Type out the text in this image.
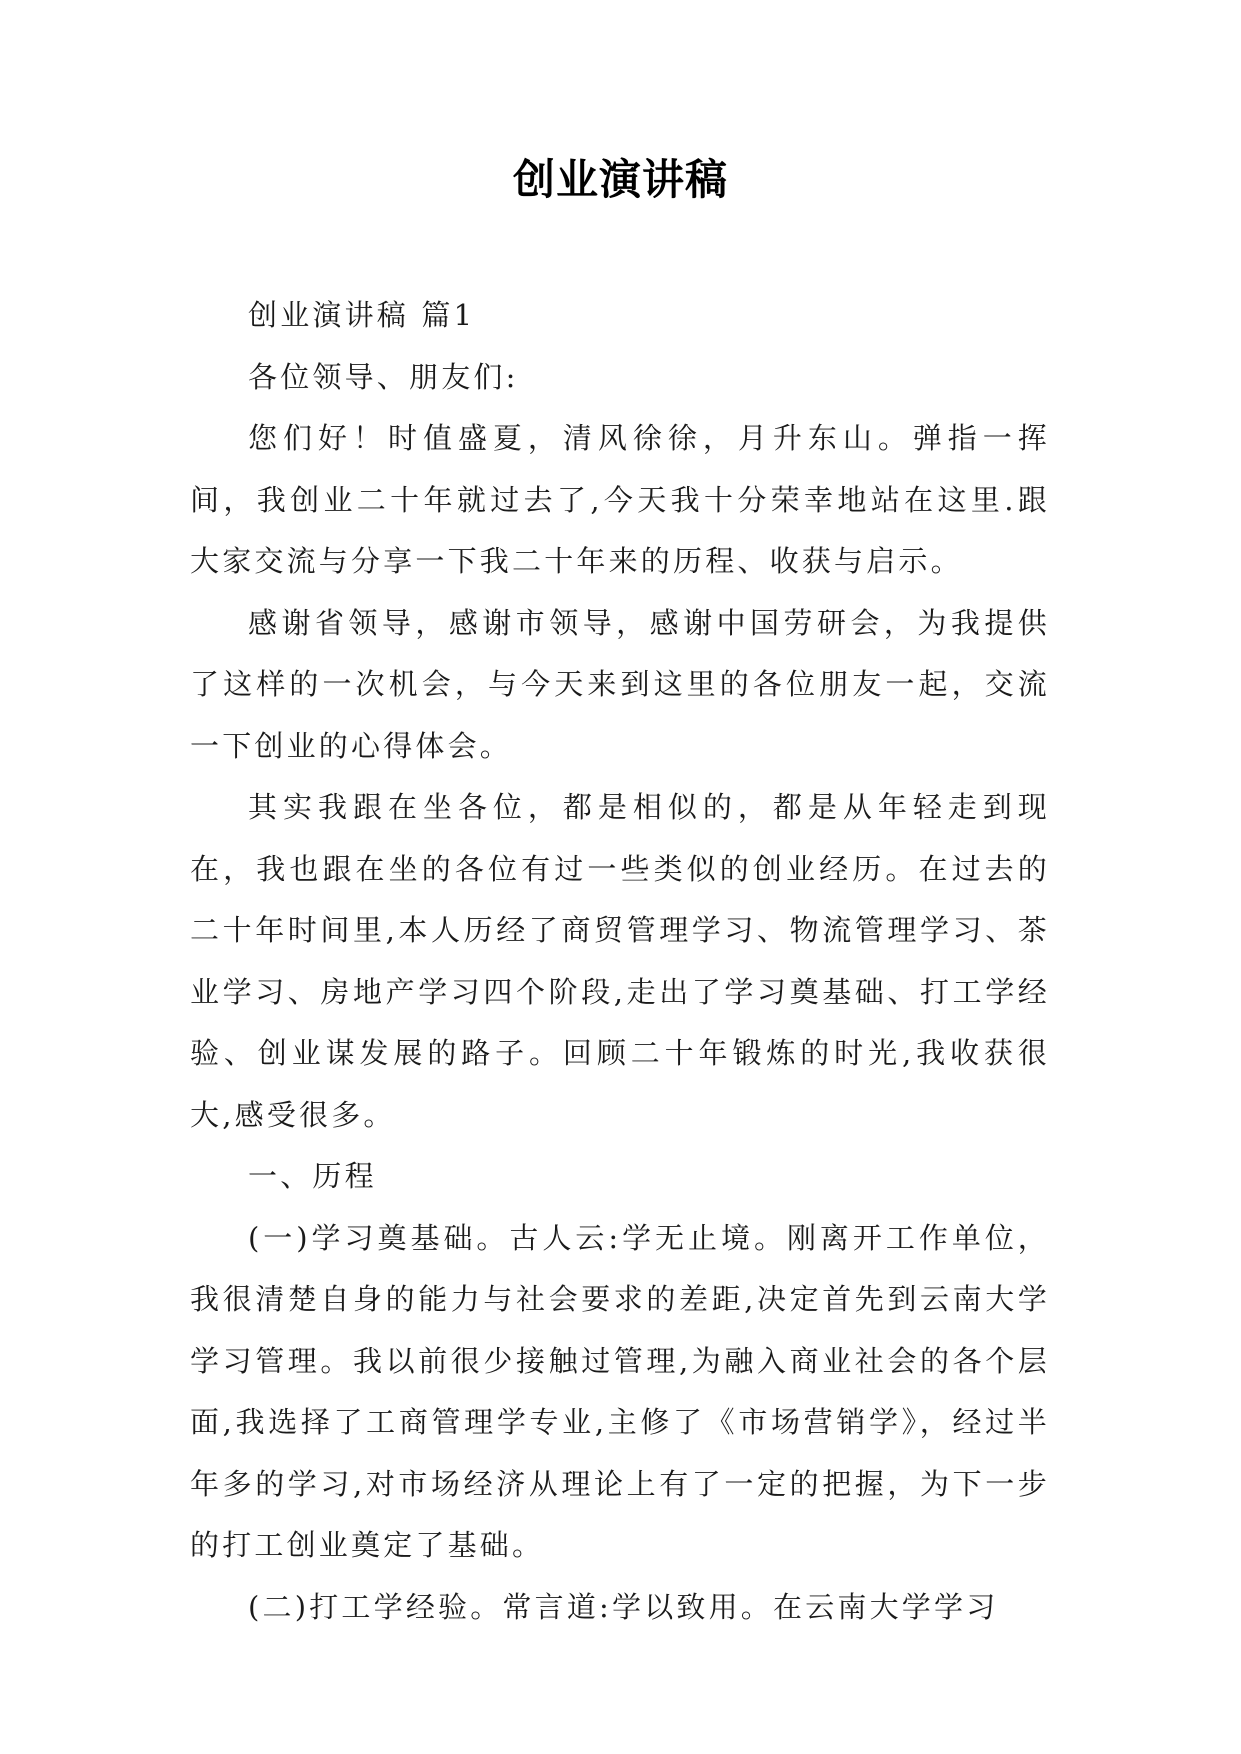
创业演讲稿

创业演讲稿 篇1

各位领导、朋友们:

您们好！时值盛夏，清风徐徐，月升东山。弹指一挥间，我创业二十年就过去了,今天我十分荣幸地站在这里.跟大家交流与分享一下我二十年来的历程、收获与启示。

感谢省领导，感谢市领导，感谢中国劳研会，为我提供了这样的一次机会，与今天来到这里的各位朋友一起，交流一下创业的心得体会。

其实我跟在坐各位，都是相似的，都是从年轻走到现在，我也跟在坐的各位有过一些类似的创业经历。在过去的二十年时间里,本人历经了商贸管理学习、物流管理学习、茶业学习、房地产学习四个阶段,走出了学习奠基础、打工学经验、创业谋发展的路子。回顾二十年锻炼的时光,我收获很大,感受很多。

一、历程

(一)学习奠基础。古人云:学无止境。刚离开工作单位，我很清楚自身的能力与社会要求的差距,决定首先到云南大学学习管理。我以前很少接触过管理,为融入商业社会的各个层面,我选择了工商管理学专业,主修了《市场营销学》，经过半年多的学习,对市场经济从理论上有了一定的把握，为下一步的打工创业奠定了基础。

(二)打工学经验。常言道:学以致用。在云南大学学习
